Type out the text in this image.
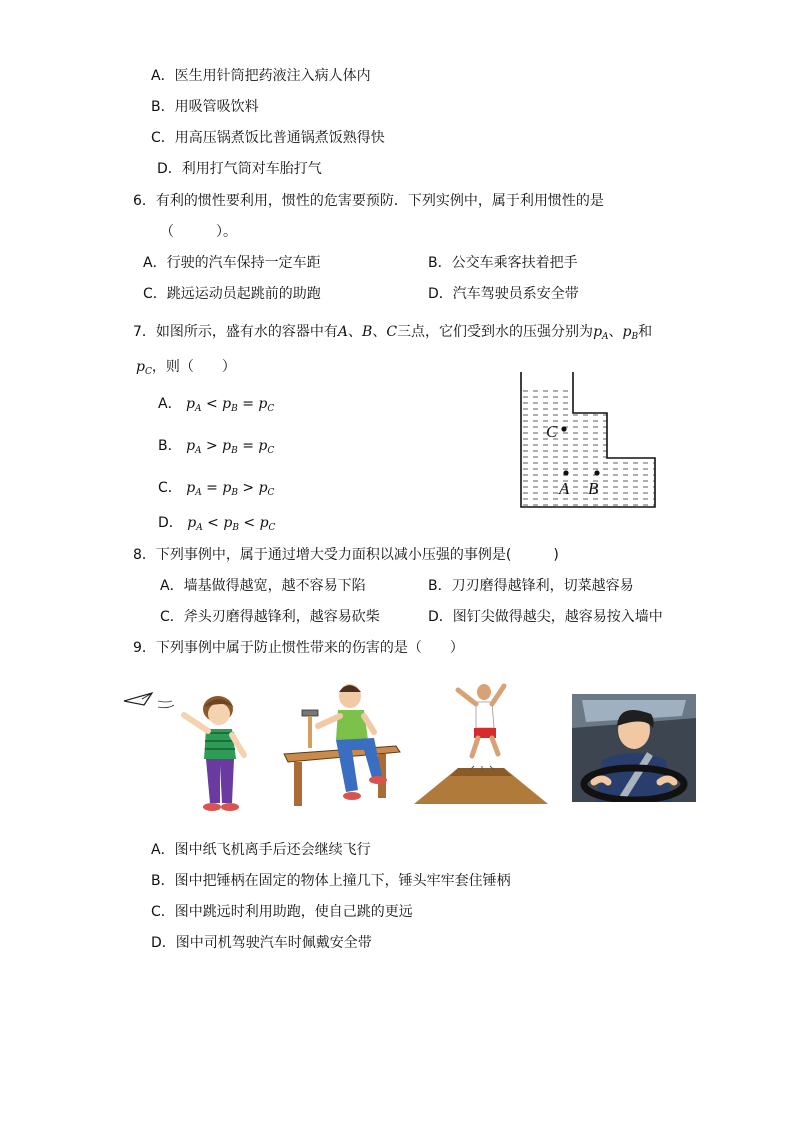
A．医生用针筒把药液注入病人体内
B．用吸管吸饮料
C．用高压锅煮饭比普通锅煮饭熟得快
D．利用打气筒对车胎打气
6．有利的惯性要利用，惯性的危害要预防．下列实例中，属于利用惯性的是
（　　　）。
A．行驶的汽车保持一定车距	B．公交车乘客扶着把手
C．跳远运动员起跳前的助跑	D．汽车驾驶员系安全带
7．如图所示，盛有水的容器中有A、B、C三点，它们受到水的压强分别为$p_A$、$p_B$和
$p_C$，则（　　）
A． $p_A < p_B = p_C$
B． $p_A > p_B = p_C$
C． $p_A = p_B > p_C$
D． $p_A < p_B < p_C$
C
A B
8．下列事例中，属于通过增大受力面积以减小压强的事例是(　　　)
A．墙基做得越宽，越不容易下陷	B．刀刃磨得越锋利，切菜越容易
C．斧头刃磨得越锋利，越容易砍柴	D．图钉尖做得越尖，越容易按入墙中
9．下列事例中属于防止惯性带来的伤害的是（　　）
A．图中纸飞机离手后还会继续飞行
B．图中把锤柄在固定的物体上撞几下，锤头牢牢套住锤柄
C．图中跳远时利用助跑，使自己跳的更远
D．图中司机驾驶汽车时佩戴安全带
